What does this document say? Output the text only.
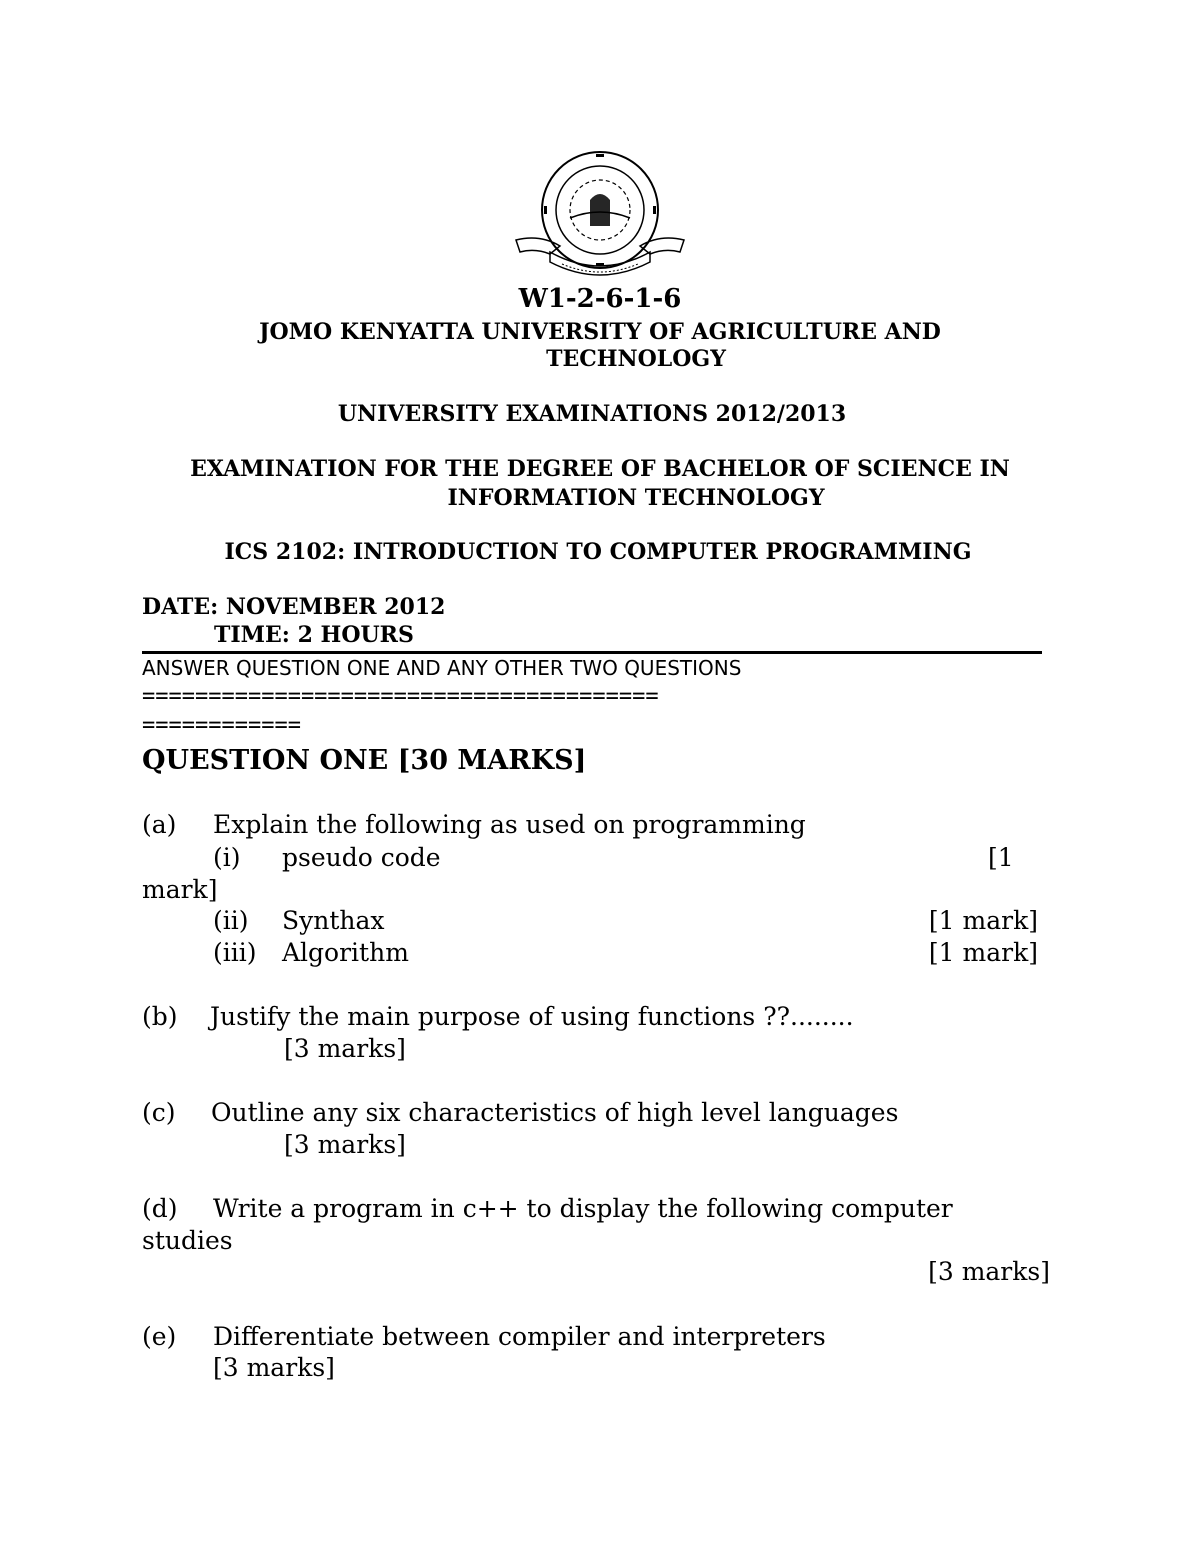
W1-2-6-1-6
JOMO KENYATTA UNIVERSITY OF AGRICULTURE AND
TECHNOLOGY
UNIVERSITY EXAMINATIONS 2012/2013
EXAMINATION FOR THE DEGREE OF BACHELOR OF SCIENCE IN
INFORMATION TECHNOLOGY
ICS 2102: INTRODUCTION TO COMPUTER PROGRAMMING
DATE: NOVEMBER 2012
TIME: 2 HOURS
ANSWER QUESTION ONE AND ANY OTHER TWO QUESTIONS
=======================================
============
QUESTION ONE [30 MARKS]
(a) Explain the following as used on programming
(i) pseudo code	[1
mark]
(ii) Synthax	[1 mark]
(iii) Algorithm	[1 mark]
(b) Justify the main purpose of using functions ??........
[3 marks]
(c) Outline any six characteristics of high level languages
[3 marks]
(d) Write a program in c++ to display the following computer
studies
[3 marks]
(e) Differentiate between compiler and interpreters
[3 marks]
